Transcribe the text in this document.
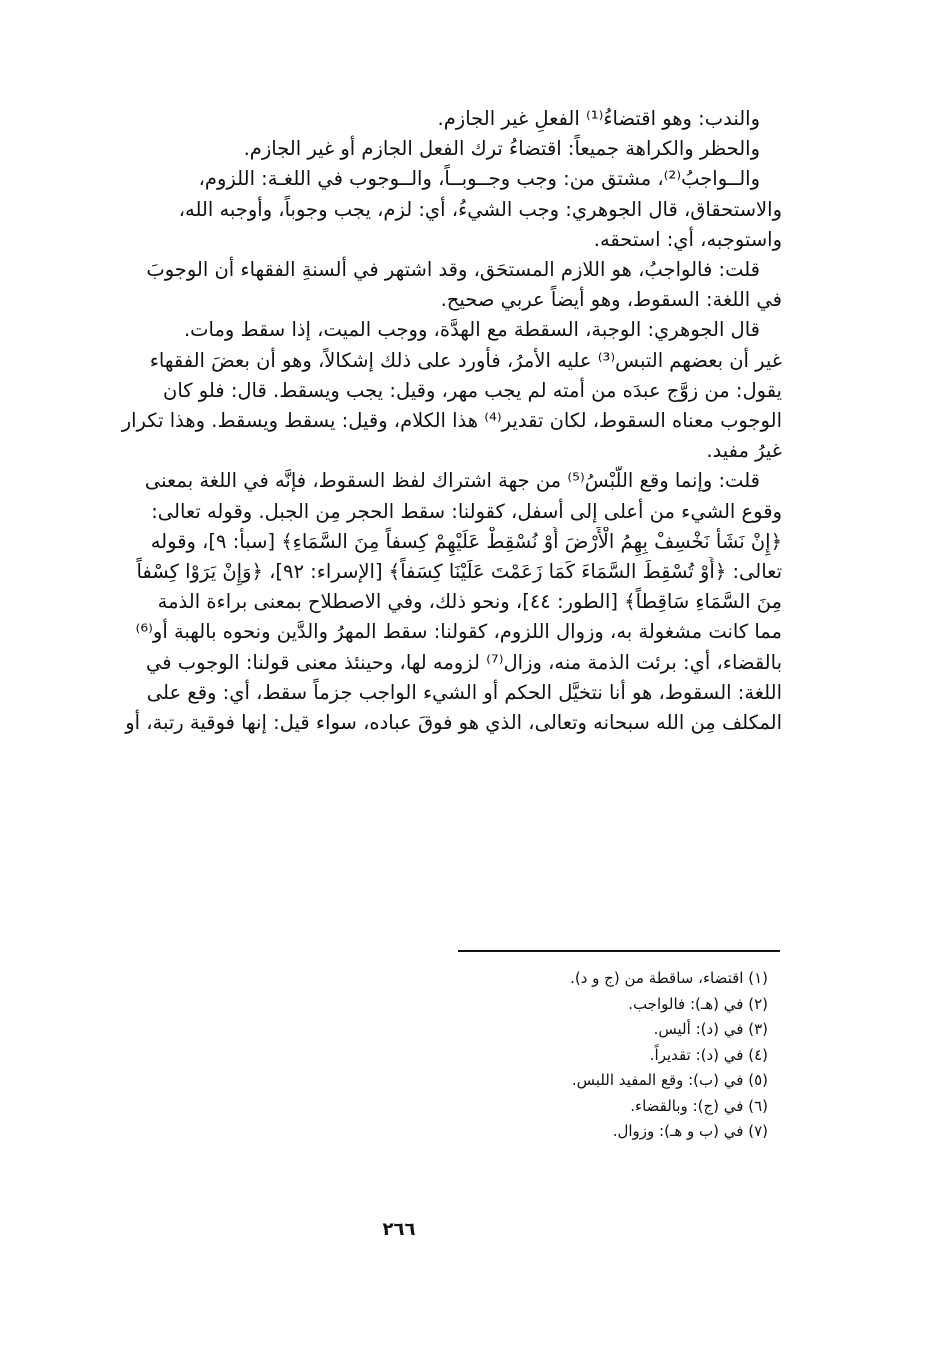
والندب: وهو اقتضاءُ⁽¹⁾ الفعلِ غير الجازم.
والحظر والكراهة جميعاً: اقتضاءُ ترك الفعل الجازم أو غير الجازم.
والــواجبُ⁽²⁾، مشتق من: وجب وجــوبــاً، والــوجوب في اللغـة: اللزوم،
والاستحقاق، قال الجوهري: وجب الشيءُ، أي: لزم، يجب وجوباً، وأوجبه الله،
واستوجبه، أي: استحقه.
قلت: فالواجبُ، هو اللازم المستحَق، وقد اشتهر في ألسنةِ الفقهاء أن الوجوبَ
في اللغة: السقوط، وهو أيضاً عربي صحيح.
قال الجوهري: الوجبة، السقطة مع الهدَّة، ووجب الميت، إذا سقط ومات.
غير أن بعضهم التبس⁽³⁾ عليه الأمرُ، فأورد على ذلك إشكالاً، وهو أن بعضَ الفقهاء
يقول: من زوَّج عبدَه من أمته لم يجب مهر، وقيل: يجب ويسقط. قال: فلو كان
الوجوب معناه السقوط، لكان تقدير⁽⁴⁾ هذا الكلام، وقيل: يسقط ويسقط. وهذا تكرار
غيرُ مفيد.
قلت: وإنما وقع اللَّبْسُ⁽⁵⁾ من جهة اشتراك لفظ السقوط، فإنَّه في اللغة بمعنى
وقوع الشيء من أعلى إلى أسفل، كقولنا: سقط الحجر مِن الجبل. وقوله تعالى:
﴿إِنْ نَشَأْ نَخْسِفْ بِهِمُ الْأَرْضَ أَوْ نُسْقِطْ عَلَيْهِمْ كِسفاً مِنَ السَّمَاءِ﴾ [سبأ: ٩]، وقوله
تعالى: ﴿أَوْ تُسْقِطَ السَّمَاءَ كَمَا زَعَمْتَ عَلَيْنَا كِسَفاً﴾ [الإسراء: ٩٢]، ﴿وَإِنْ يَرَوْا كِسْفاً
مِنَ السَّمَاءِ سَاقِطاً﴾ [الطور: ٤٤]، ونحو ذلك، وفي الاصطلاح بمعنى براءة الذمة
مما كانت مشغولة به، وزوال اللزوم، كقولنا: سقط المهرُ والدَّين ونحوه بالهبة أو⁽⁶⁾
بالقضاء، أي: برئت الذمة منه، وزال⁽⁷⁾ لزومه لها، وحينئذ معنى قولنا: الوجوب في
اللغة: السقوط، هو أنا نتخيَّل الحكم أو الشيء الواجب جزماً سقط، أي: وقع على
المكلف مِن الله سبحانه وتعالى، الذي هو فوقَ عباده، سواء قيل: إنها فوقية رتبة، أو
(١) اقتضاء، ساقطة من (ج و د).
(٢) في (هـ): فالواجب.
(٣) في (د): أليس.
(٤) في (د): تقديراً.
(٥) في (ب): وقع المفيد اللبس.
(٦) في (ج): وبالقضاء.
(٧) في (ب و هـ): وزوال.
٢٦٦
